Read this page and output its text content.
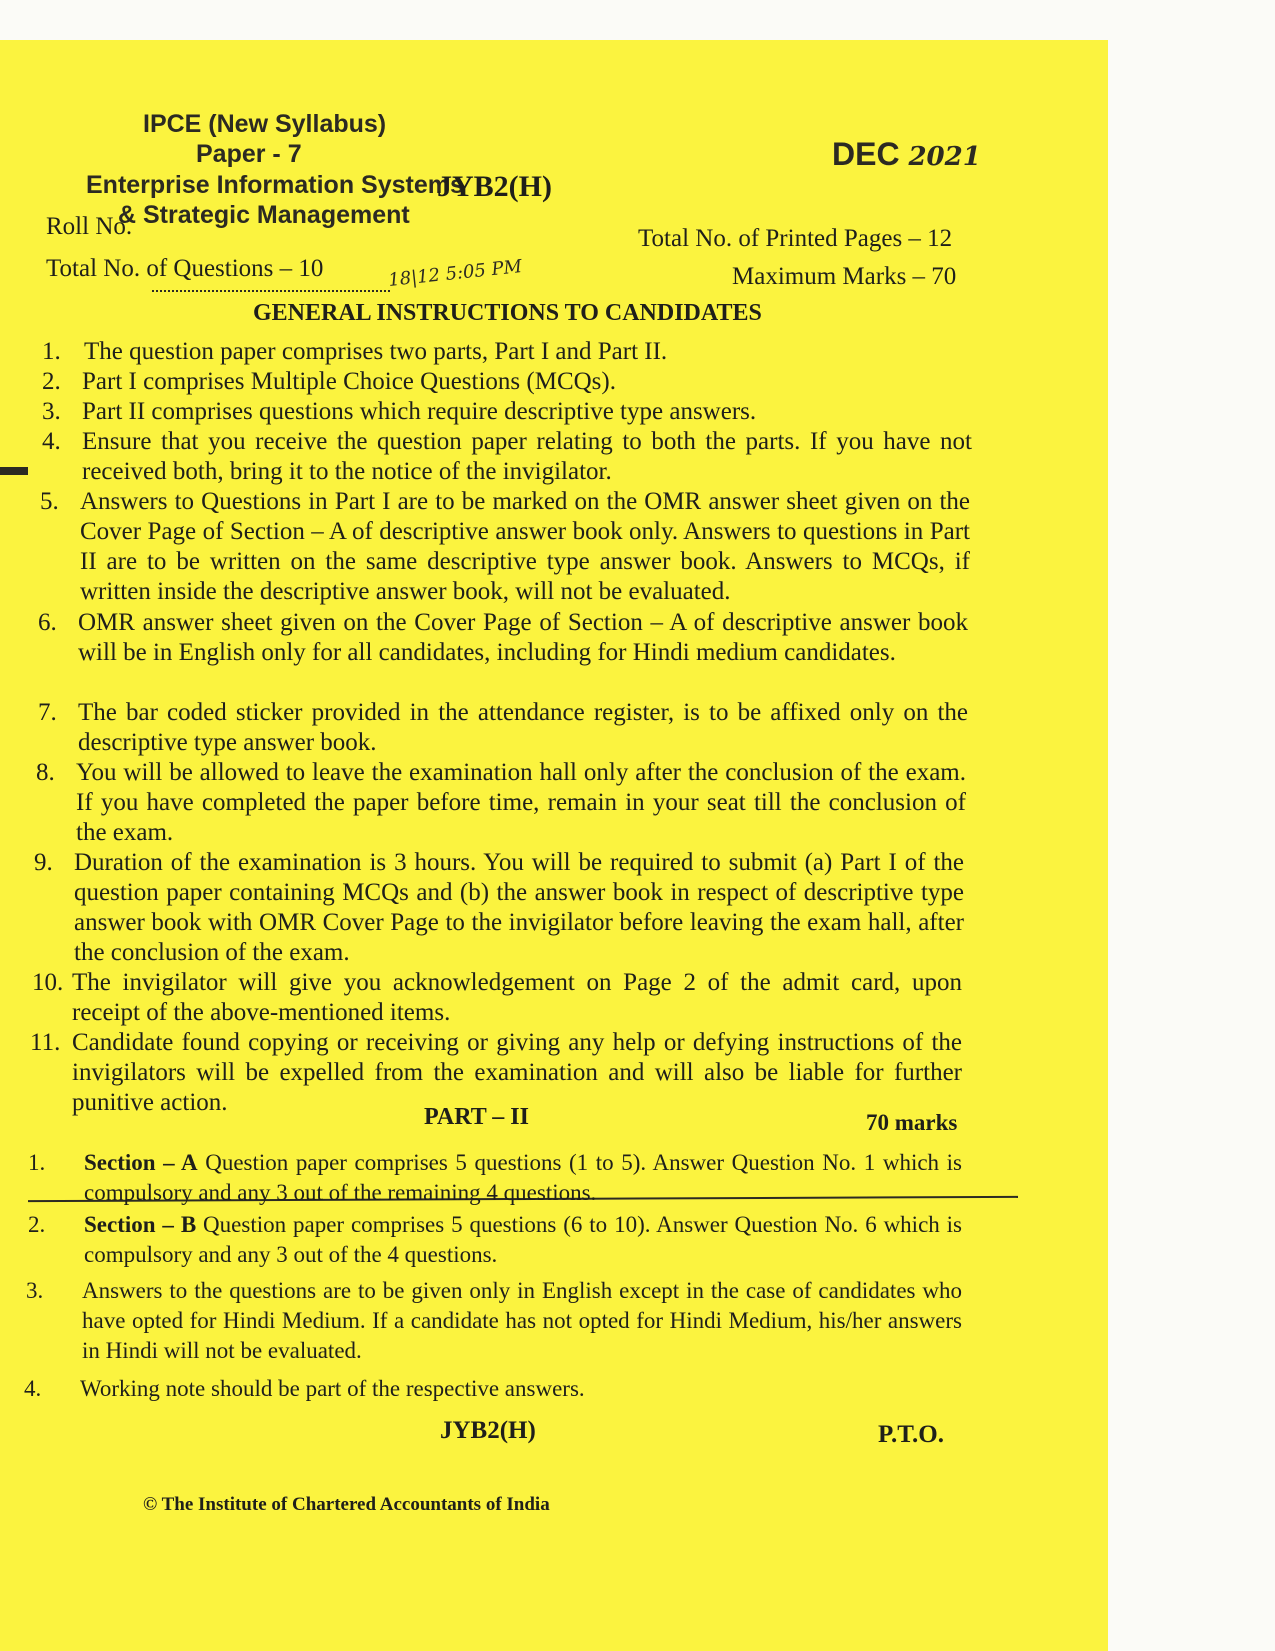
IPCE (New Syllabus)
Paper - 7
Enterprise Information Systems
& Strategic Management
JYB2(H)
DEC 2021
Roll No.
Total No. of Questions – 10
Total No. of Printed Pages – 12
Maximum Marks – 70
18|12 5:05 PM
GENERAL INSTRUCTIONS TO CANDIDATES
1. The question paper comprises two parts, Part I and Part II.
2. Part I comprises Multiple Choice Questions (MCQs).
3. Part II comprises questions which require descriptive type answers.
4. Ensure that you receive the question paper relating to both the parts. If you have not received both, bring it to the notice of the invigilator.
5. Answers to Questions in Part I are to be marked on the OMR answer sheet given on the Cover Page of Section – A of descriptive answer book only. Answers to questions in Part II are to be written on the same descriptive type answer book. Answers to MCQs, if written inside the descriptive answer book, will not be evaluated.
6. OMR answer sheet given on the Cover Page of Section – A of descriptive answer book will be in English only for all candidates, including for Hindi medium candidates.
7. The bar coded sticker provided in the attendance register, is to be affixed only on the descriptive type answer book.
8. You will be allowed to leave the examination hall only after the conclusion of the exam. If you have completed the paper before time, remain in your seat till the conclusion of the exam.
9. Duration of the examination is 3 hours. You will be required to submit (a) Part I of the question paper containing MCQs and (b) the answer book in respect of descriptive type answer book with OMR Cover Page to the invigilator before leaving the exam hall, after the conclusion of the exam.
10. The invigilator will give you acknowledgement on Page 2 of the admit card, upon receipt of the above-mentioned items.
11. Candidate found copying or receiving or giving any help or defying instructions of the invigilators will be expelled from the examination and will also be liable for further punitive action.
PART – II	70 marks
1. Section – A Question paper comprises 5 questions (1 to 5). Answer Question No. 1 which is compulsory and any 3 out of the remaining 4 questions.
2. Section – B Question paper comprises 5 questions (6 to 10). Answer Question No. 6 which is compulsory and any 3 out of the 4 questions.
3. Answers to the questions are to be given only in English except in the case of candidates who have opted for Hindi Medium. If a candidate has not opted for Hindi Medium, his/her answers in Hindi will not be evaluated.
4. Working note should be part of the respective answers.
JYB2(H)	P.T.O.
© The Institute of Chartered Accountants of India
